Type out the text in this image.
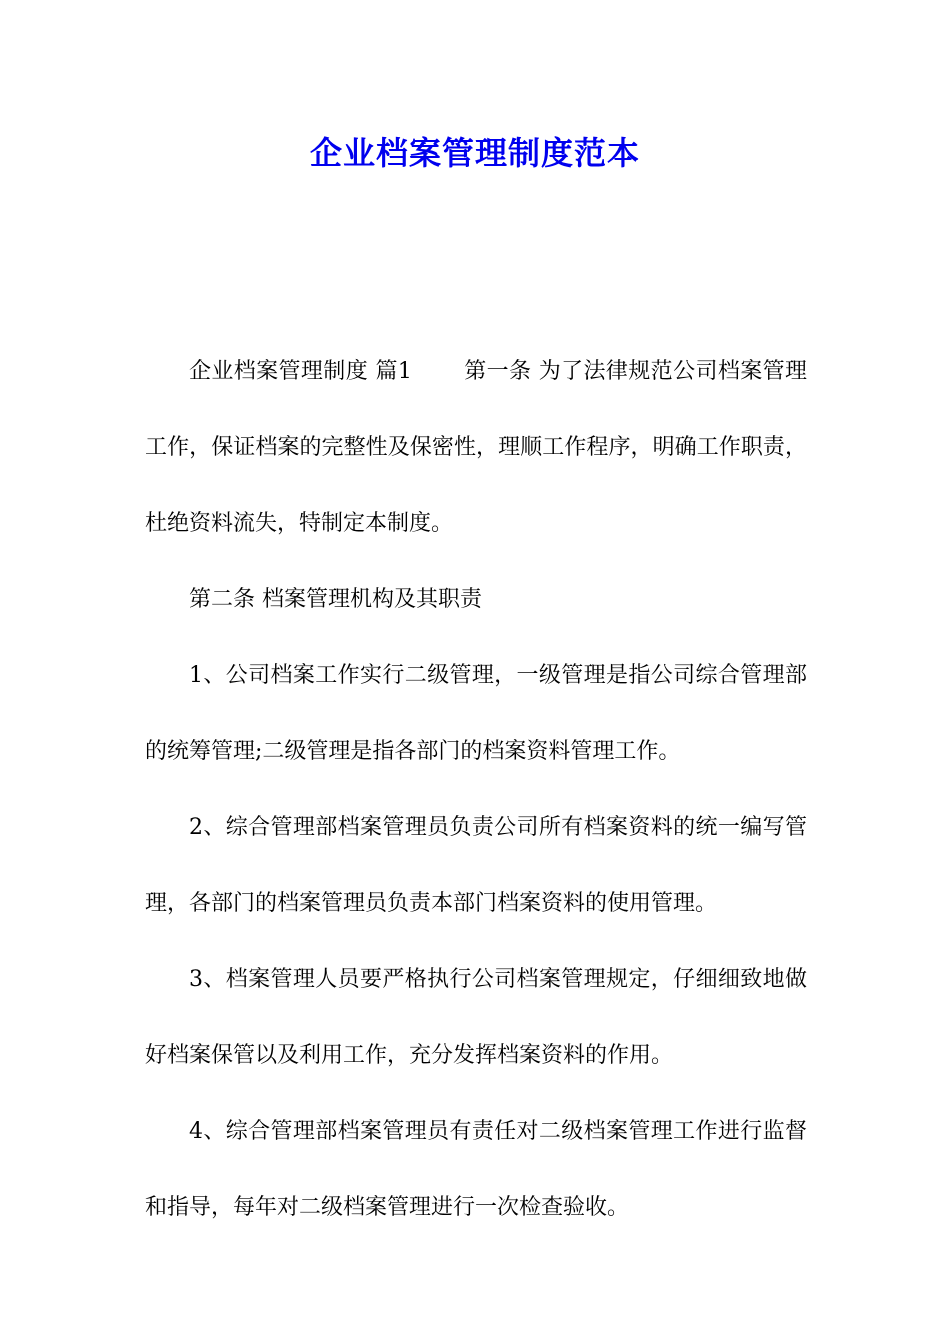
企业档案管理制度范本

企业档案管理制度 篇1 第一条 为了法律规范公司档案管理工作，保证档案的完整性及保密性，理顺工作程序，明确工作职责，杜绝资料流失，特制定本制度。

第二条 档案管理机构及其职责

1、公司档案工作实行二级管理，一级管理是指公司综合管理部的统筹管理;二级管理是指各部门的档案资料管理工作。

2、综合管理部档案管理员负责公司所有档案资料的统一编写管理，各部门的档案管理员负责本部门档案资料的使用管理。

3、档案管理人员要严格执行公司档案管理规定，仔细细致地做好档案保管以及利用工作，充分发挥档案资料的作用。

4、综合管理部档案管理员有责任对二级档案管理工作进行监督和指导，每年对二级档案管理进行一次检查验收。
